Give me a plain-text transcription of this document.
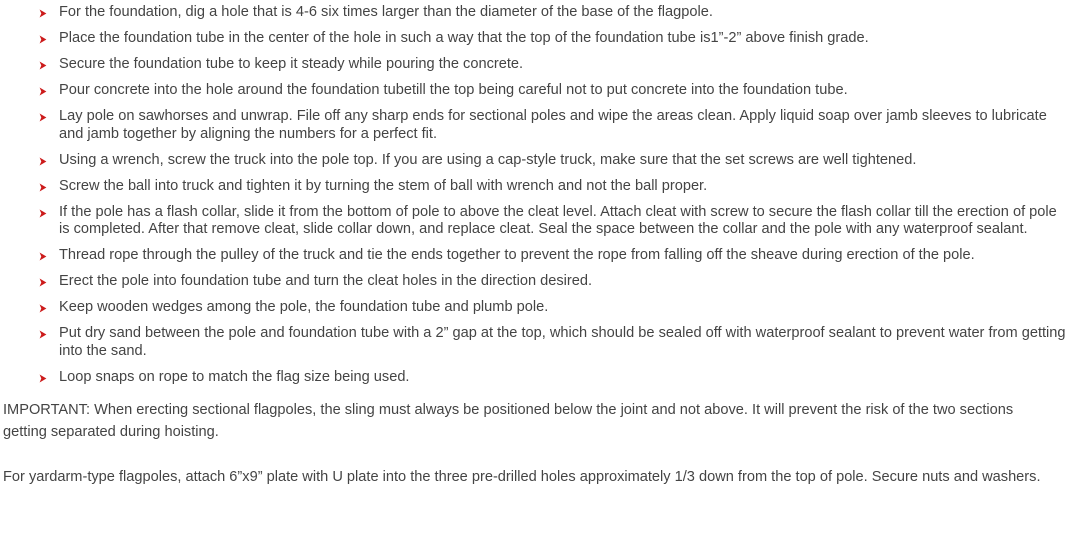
For the foundation, dig a hole that is 4-6 six times larger than the diameter of the base of the flagpole.
Place the foundation tube in the center of the hole in such a way that the top of the foundation tube is1”-2” above finish grade.
Secure the foundation tube to keep it steady while pouring the concrete.
Pour concrete into the hole around the foundation tubetill the top being careful not to put concrete into the foundation tube.
Lay pole on sawhorses and unwrap. File off any sharp ends for sectional poles and wipe the areas clean. Apply liquid soap over jamb sleeves to lubricate and jamb together by aligning the numbers for a perfect fit.
Using a wrench, screw the truck into the pole top. If you are using a cap-style truck, make sure that the set screws are well tightened.
Screw the ball into truck and tighten it by turning the stem of ball with wrench and not the ball proper.
If the pole has a flash collar, slide it from the bottom of pole to above the cleat level. Attach cleat with screw to secure the flash collar till the erection of pole is completed. After that remove cleat, slide collar down, and replace cleat. Seal the space between the collar and the pole with any waterproof sealant.
Thread rope through the pulley of the truck and tie the ends together to prevent the rope from falling off the sheave during erection of the pole.
Erect the pole into foundation tube and turn the cleat holes in the direction desired.
Keep wooden wedges among the pole, the foundation tube and plumb pole.
Put dry sand between the pole and foundation tube with a 2” gap at the top, which should be sealed off with waterproof sealant to prevent water from getting into the sand.
Loop snaps on rope to match the flag size being used.

IMPORTANT: When erecting sectional flagpoles, the sling must always be positioned below the joint and not above. It will prevent the risk of the two sections getting separated during hoisting.

For yardarm-type flagpoles, attach 6”x9” plate with U plate into the three pre-drilled holes approximately 1/3 down from the top of pole. Secure nuts and washers.
